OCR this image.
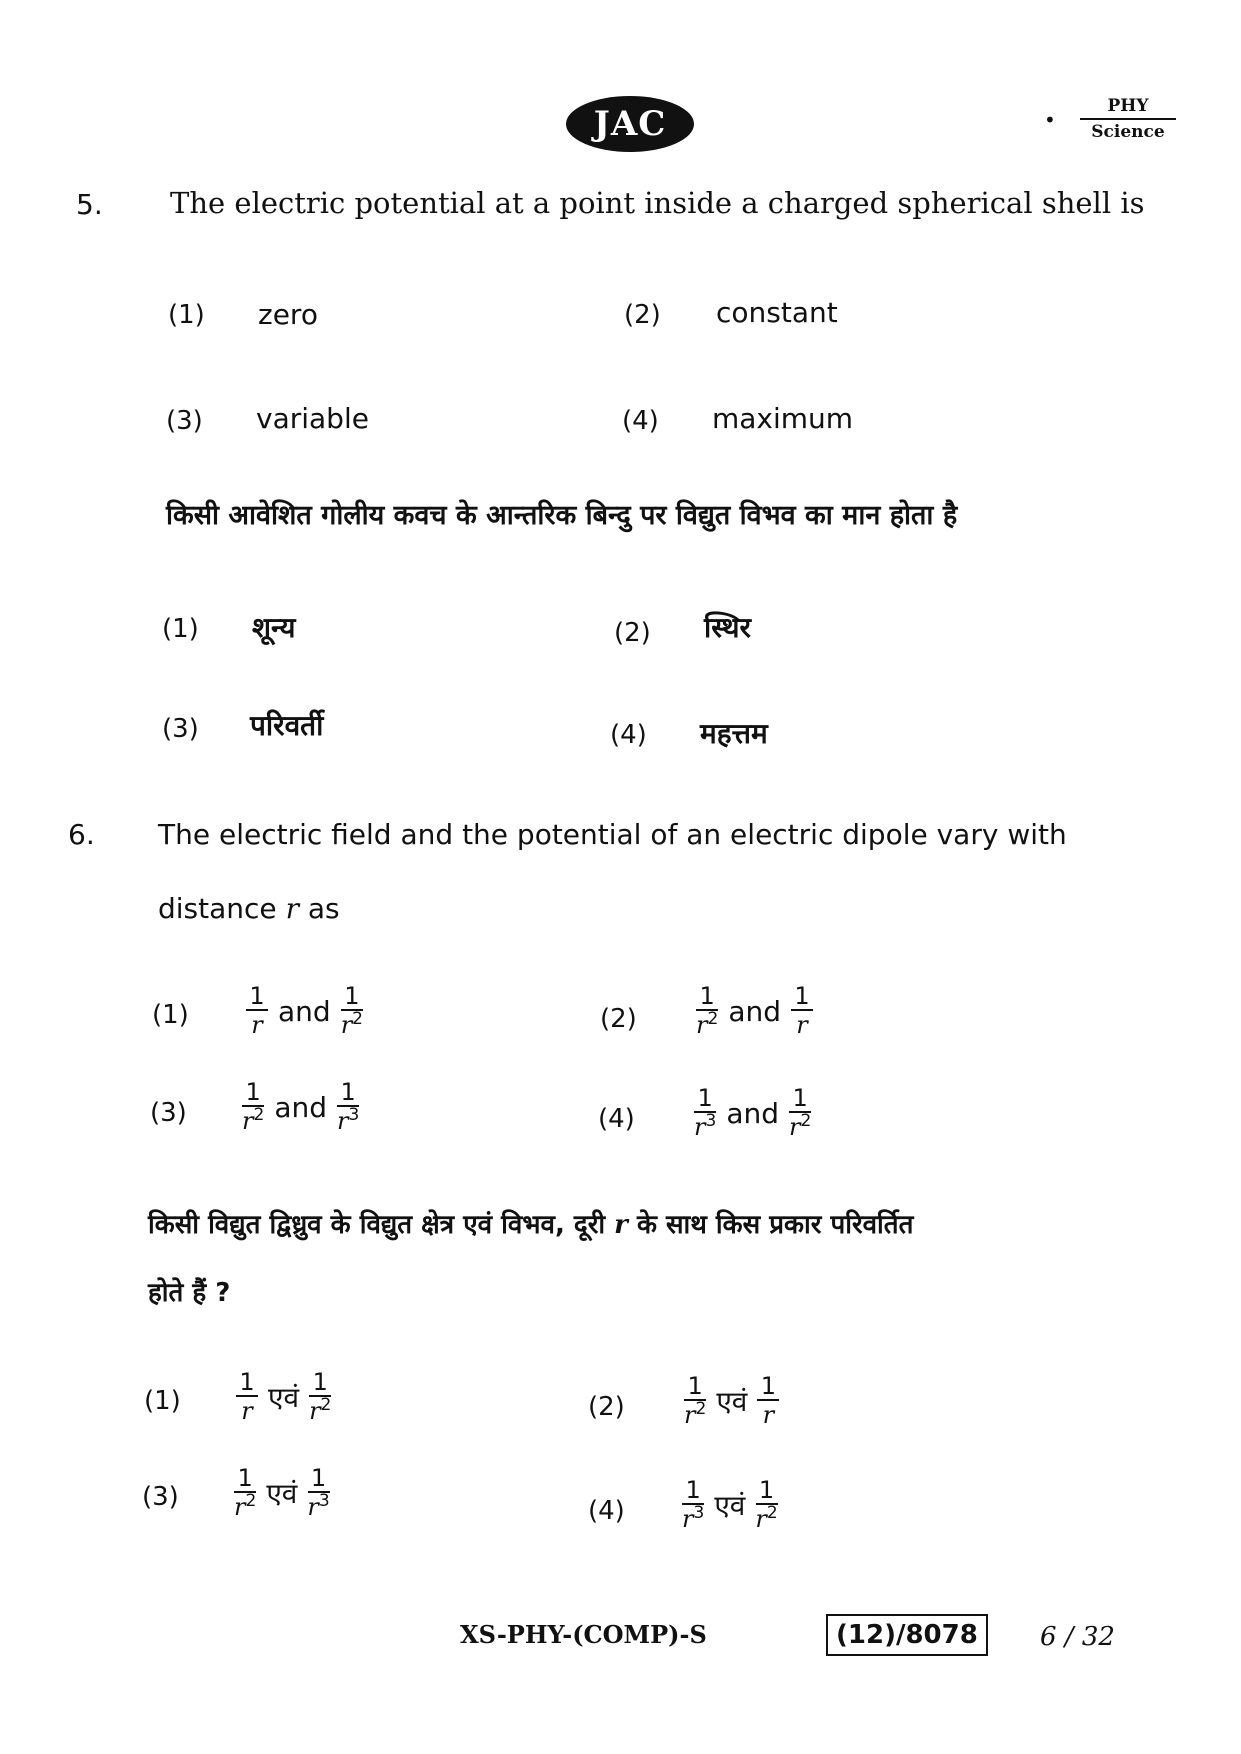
JAC	•
PHY
Science
5. The electric potential at a point inside a charged spherical shell is
(1) zero	(2) constant
(3) variable	(4) maximum
किसी आवेशित गोलीय कवच के आन्तरिक बिन्दु पर विद्युत विभव का मान होता है
(1) शून्य	(2) स्थिर
(3) परिवर्ती	(4) महत्तम
6. The electric field and the potential of an electric dipole vary with
distance r as
$(1) \frac{1}{r}$ and $\frac{1}{r^2}$	$(2) \frac{1}{r^2}$ and $\frac{1}{r}$
$(3) \frac{1}{r^2}$ and $\frac{1}{r^3}$	$(4) \frac{1}{r^3}$ and $\frac{1}{r^2}$
किसी विद्युत द्विध्रुव के विद्युत क्षेत्र एवं विभव, दूरी r के साथ किस प्रकार परिवर्तित
होते हैं ?
$(1) \frac{1}{r}$ एवं $\frac{1}{r^2}$	$(2) \frac{1}{r^2}$ एवं $\frac{1}{r}$
$(3) \frac{1}{r^2}$ एवं $\frac{1}{r^3}$	$(4) \frac{1}{r^3}$ एवं $\frac{1}{r^2}$
XS-PHY-(COMP)-S	(12)/8078	6 / 32
